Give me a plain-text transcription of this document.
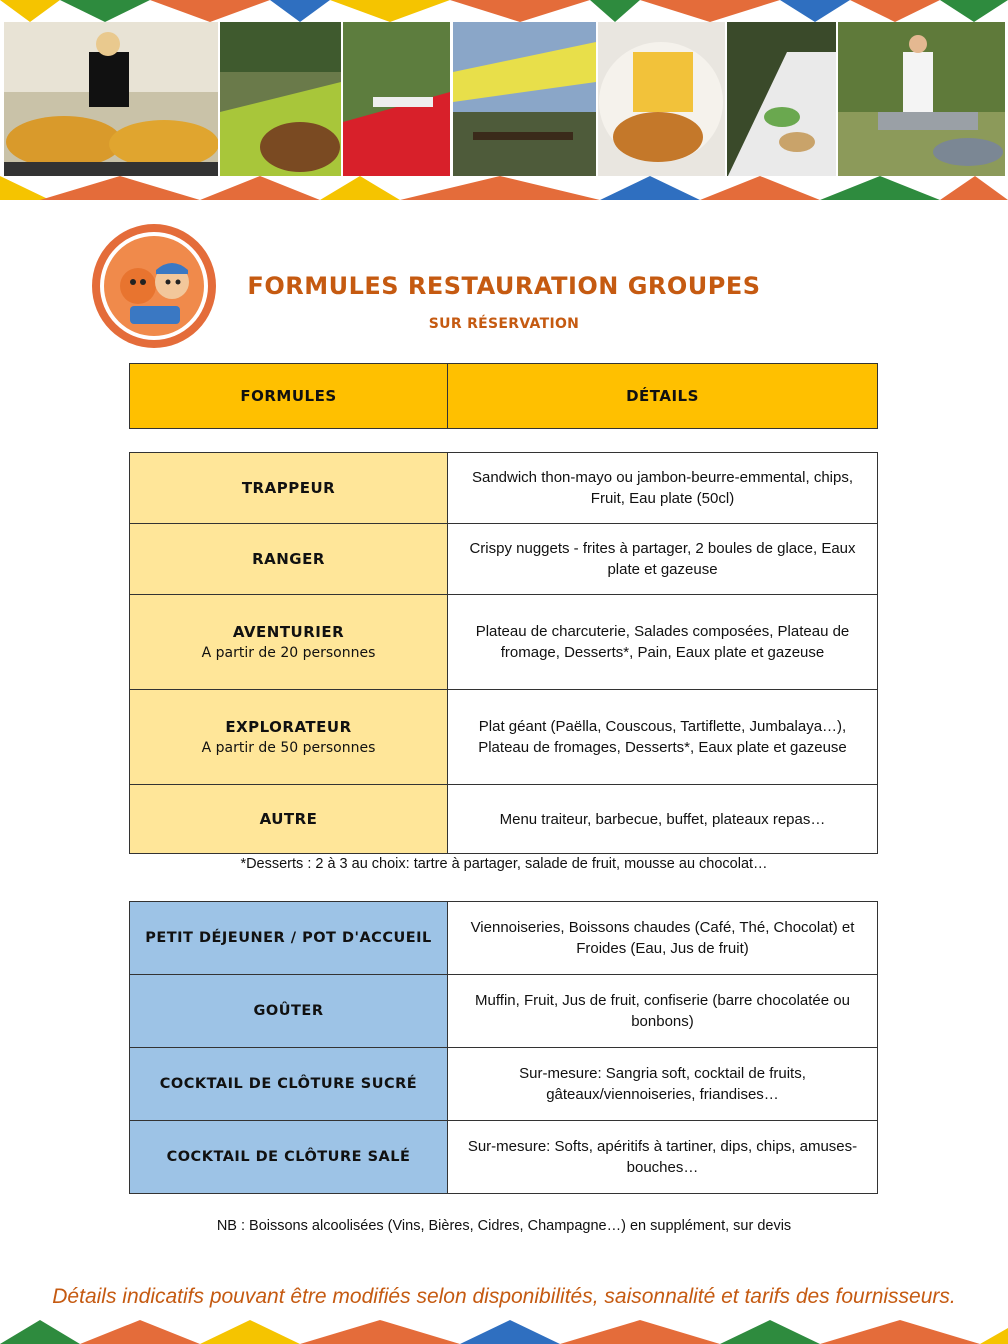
FORMULES RESTAURATION GROUPES
SUR RÉSERVATION
FORMULES	DÉTAILS
TRAPPEUR	Sandwich thon-mayo ou jambon-beurre-emmental, chips, Fruit, Eau plate (50cl)
RANGER	Crispy nuggets - frites à partager, 2 boules de glace, Eaux plate et gazeuse
AVENTURIER
A partir de 20 personnes	Plateau de charcuterie, Salades composées, Plateau de fromage, Desserts*, Pain, Eaux plate et gazeuse
EXPLORATEUR
A partir de 50 personnes	Plat géant (Paëlla, Couscous, Tartiflette, Jumbalaya…), Plateau de fromages, Desserts*, Eaux plate et gazeuse
AUTRE	Menu traiteur, barbecue, buffet, plateaux repas…
*Desserts : 2 à 3 au choix: tartre à partager, salade de fruit, mousse au chocolat…
PETIT DÉJEUNER / POT D'ACCUEIL	Viennoiseries, Boissons chaudes (Café, Thé, Chocolat) et Froides (Eau, Jus de fruit)
GOÛTER	Muffin, Fruit, Jus de fruit, confiserie (barre chocolatée ou bonbons)
COCKTAIL DE CLÔTURE SUCRÉ	Sur-mesure: Sangria soft, cocktail de fruits, gâteaux/viennoiseries, friandises…
COCKTAIL DE CLÔTURE SALÉ	Sur-mesure: Softs, apéritifs à tartiner, dips, chips, amuses-bouches…
NB : Boissons alcoolisées (Vins, Bières, Cidres, Champagne…) en supplément, sur devis
Détails indicatifs pouvant être modifiés selon disponibilités, saisonnalité et tarifs des fournisseurs.
